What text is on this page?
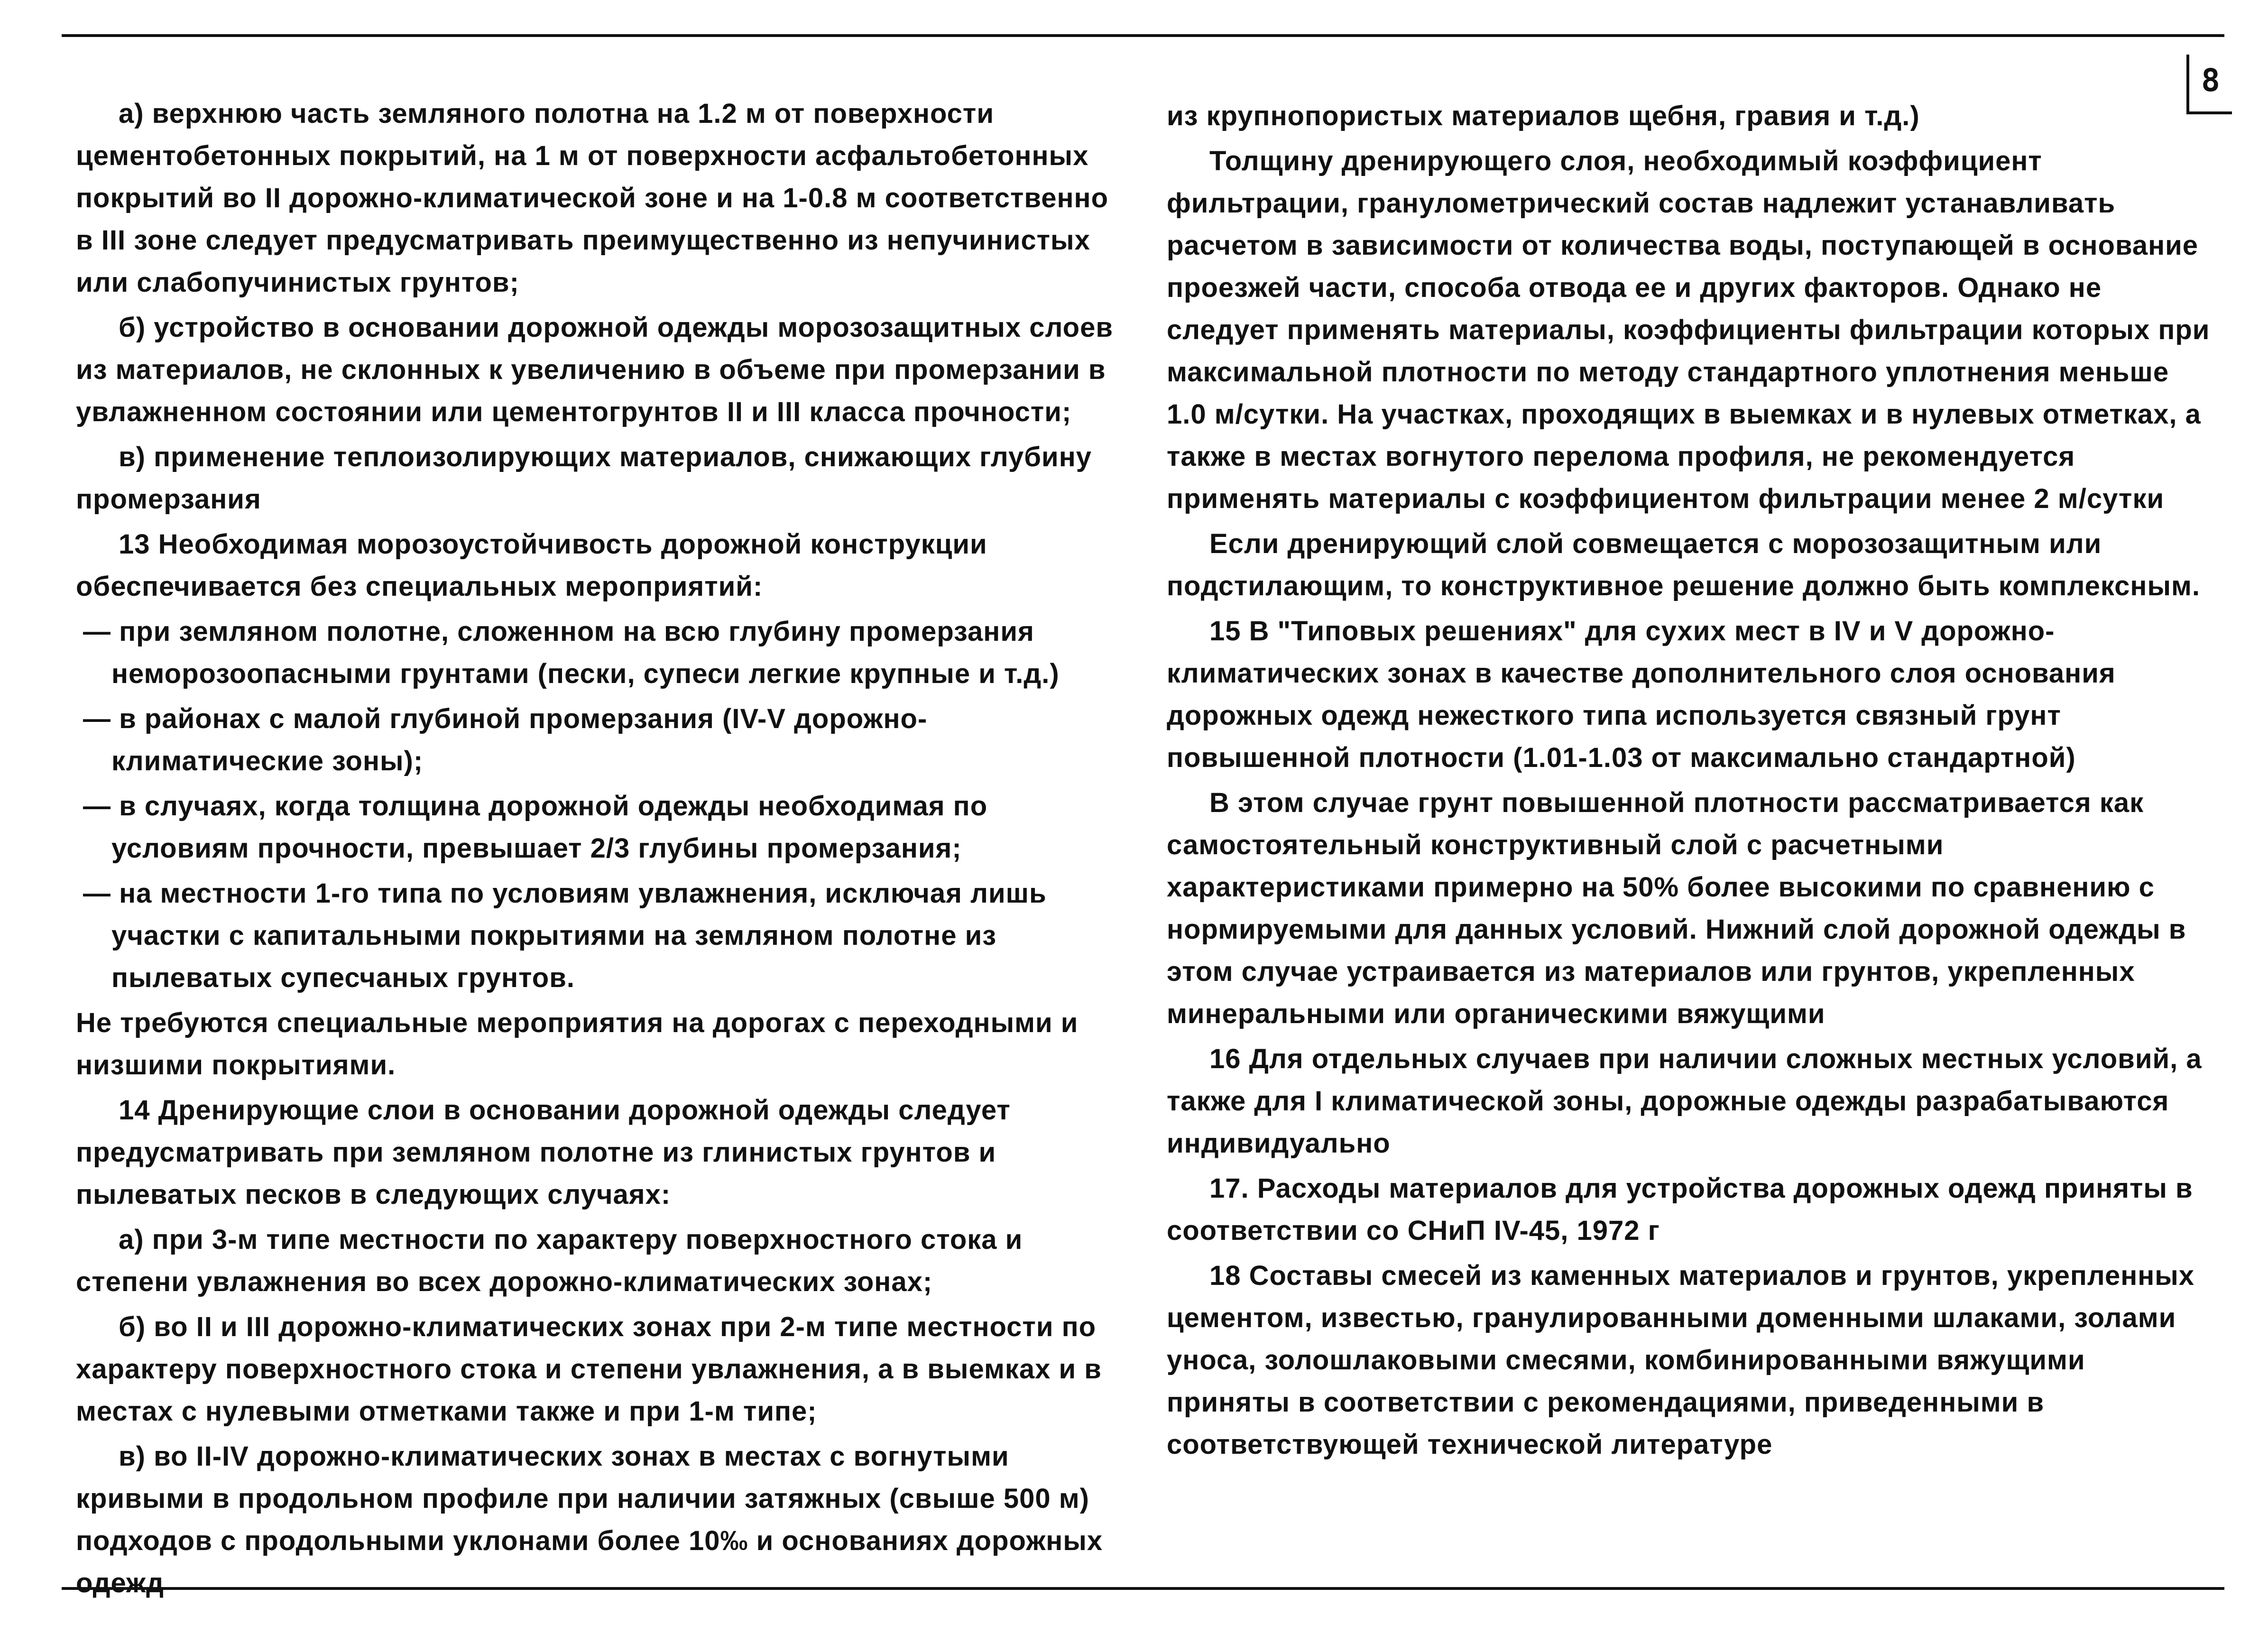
8

а) верхнюю часть земляного полотна на 1.2 м от поверхности цементобетонных покрытий, на 1 м от поверхности асфальтобетонных покрытий во II дорожно-климатической зоне и на 1-0.8 м соответственно в III зоне следует предусматривать преимущественно из непучинистых или слабопучинистых грунтов;

б) устройство в основании дорожной одежды морозозащитных слоев из материалов, не склонных к увеличению в объеме при промерзании в увлажненном состоянии или цементогрунтов II и III класса прочности;

в) применение теплоизолирующих материалов, снижающих глубину промерзания

13 Необходимая морозоустойчивость дорожной конструкции обеспечивается без специальных мероприятий:

— при земляном полотне, сложенном на всю глубину промерзания неморозоопасными грунтами (пески, супеси легкие крупные и т.д.)

— в районах с малой глубиной промерзания (IV-V дорожно-климатические зоны);

— в случаях, когда толщина дорожной одежды необходимая по условиям прочности, превышает 2/3 глубины промерзания;

— на местности 1-го типа по условиям увлажнения, исключая лишь участки с капитальными покрытиями на земляном полотне из пылеватых супесчаных грунтов.

Не требуются специальные мероприятия на дорогах с переходными и низшими покрытиями.

14 Дренирующие слои в основании дорожной одежды следует предусматривать при земляном полотне из глинистых грунтов и пылеватых песков в следующих случаях:

а) при 3-м типе местности по характеру поверхностного стока и степени увлажнения во всех дорожно-климатических зонах;

б) во II и III дорожно-климатических зонах при 2-м типе местности по характеру поверхностного стока и степени увлажнения, а в выемках и в местах с нулевыми отметками также и при 1-м типе;

в) во II-IV дорожно-климатических зонах в местах с вогнутыми кривыми в продольном профиле при наличии затяжных (свыше 500 м) подходов с продольными уклонами более 10‰ и основаниях дорожных одежд

из крупнопористых материалов щебня, гравия и т.д.)

Толщину дренирующего слоя, необходимый коэффициент фильтрации, гранулометрический состав надлежит устанавливать расчетом в зависимости от количества воды, поступающей в основание проезжей части, способа отвода ее и других факторов. Однако не следует применять материалы, коэффициенты фильтрации которых при максимальной плотности по методу стандартного уплотнения меньше 1.0 м/сутки. На участках, проходящих в выемках и в нулевых отметках, а также в местах вогнутого перелома профиля, не рекомендуется применять материалы с коэффициентом фильтрации менее 2 м/сутки

Если дренирующий слой совмещается с морозозащитным или подстилающим, то конструктивное решение должно быть комплексным.

15 В "Типовых решениях" для сухих мест в IV и V дорожно-климатических зонах в качестве дополнительного слоя основания дорожных одежд нежесткого типа используется связный грунт повышенной плотности (1.01-1.03 от максимально стандартной)

В этом случае грунт повышенной плотности рассматривается как самостоятельный конструктивный слой с расчетными характеристиками примерно на 50% более высокими по сравнению с нормируемыми для данных условий. Нижний слой дорожной одежды в этом случае устраивается из материалов или грунтов, укрепленных минеральными или органическими вяжущими

16 Для отдельных случаев при наличии сложных местных условий, а также для I климатической зоны, дорожные одежды разрабатываются индивидуально

17. Расходы материалов для устройства дорожных одежд приняты в соответствии со СНиП IV-45, 1972 г

18 Составы смесей из каменных материалов и грунтов, укрепленных цементом, известью, гранулированными доменными шлаками, золами уноса, золошлаковыми смесями, комбинированными вяжущими приняты в соответствии с рекомендациями, приведенными в соответствующей технической литературе
